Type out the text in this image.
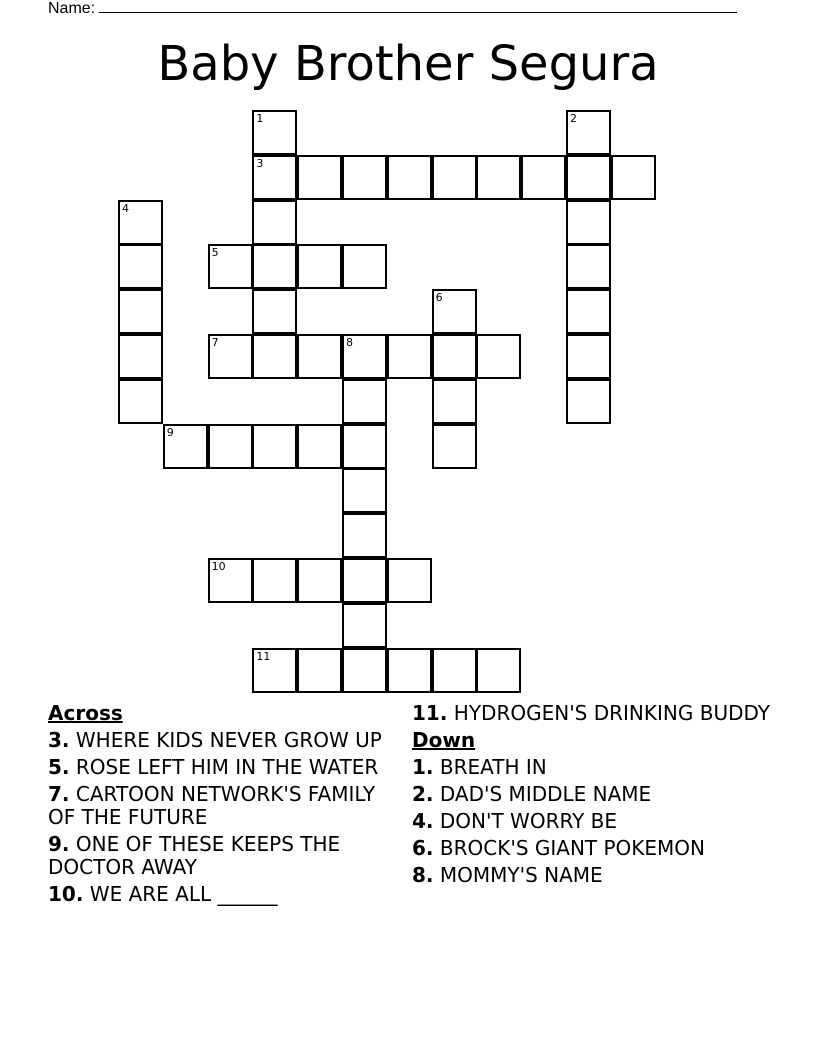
Name:
Baby Brother Segura
3
5
7	8
9
10
11
1	2
4
6
Across
3. WHERE KIDS NEVER GROW UP
5. ROSE LEFT HIM IN THE WATER
7. CARTOON NETWORK'S FAMILY OF THE FUTURE
9. ONE OF THESE KEEPS THE DOCTOR AWAY
10. WE ARE ALL ______
11. HYDROGEN'S DRINKING BUDDY
Down
1. BREATH IN
2. DAD'S MIDDLE NAME
4. DON'T WORRY BE
6. BROCK'S GIANT POKEMON
8. MOMMY'S NAME
